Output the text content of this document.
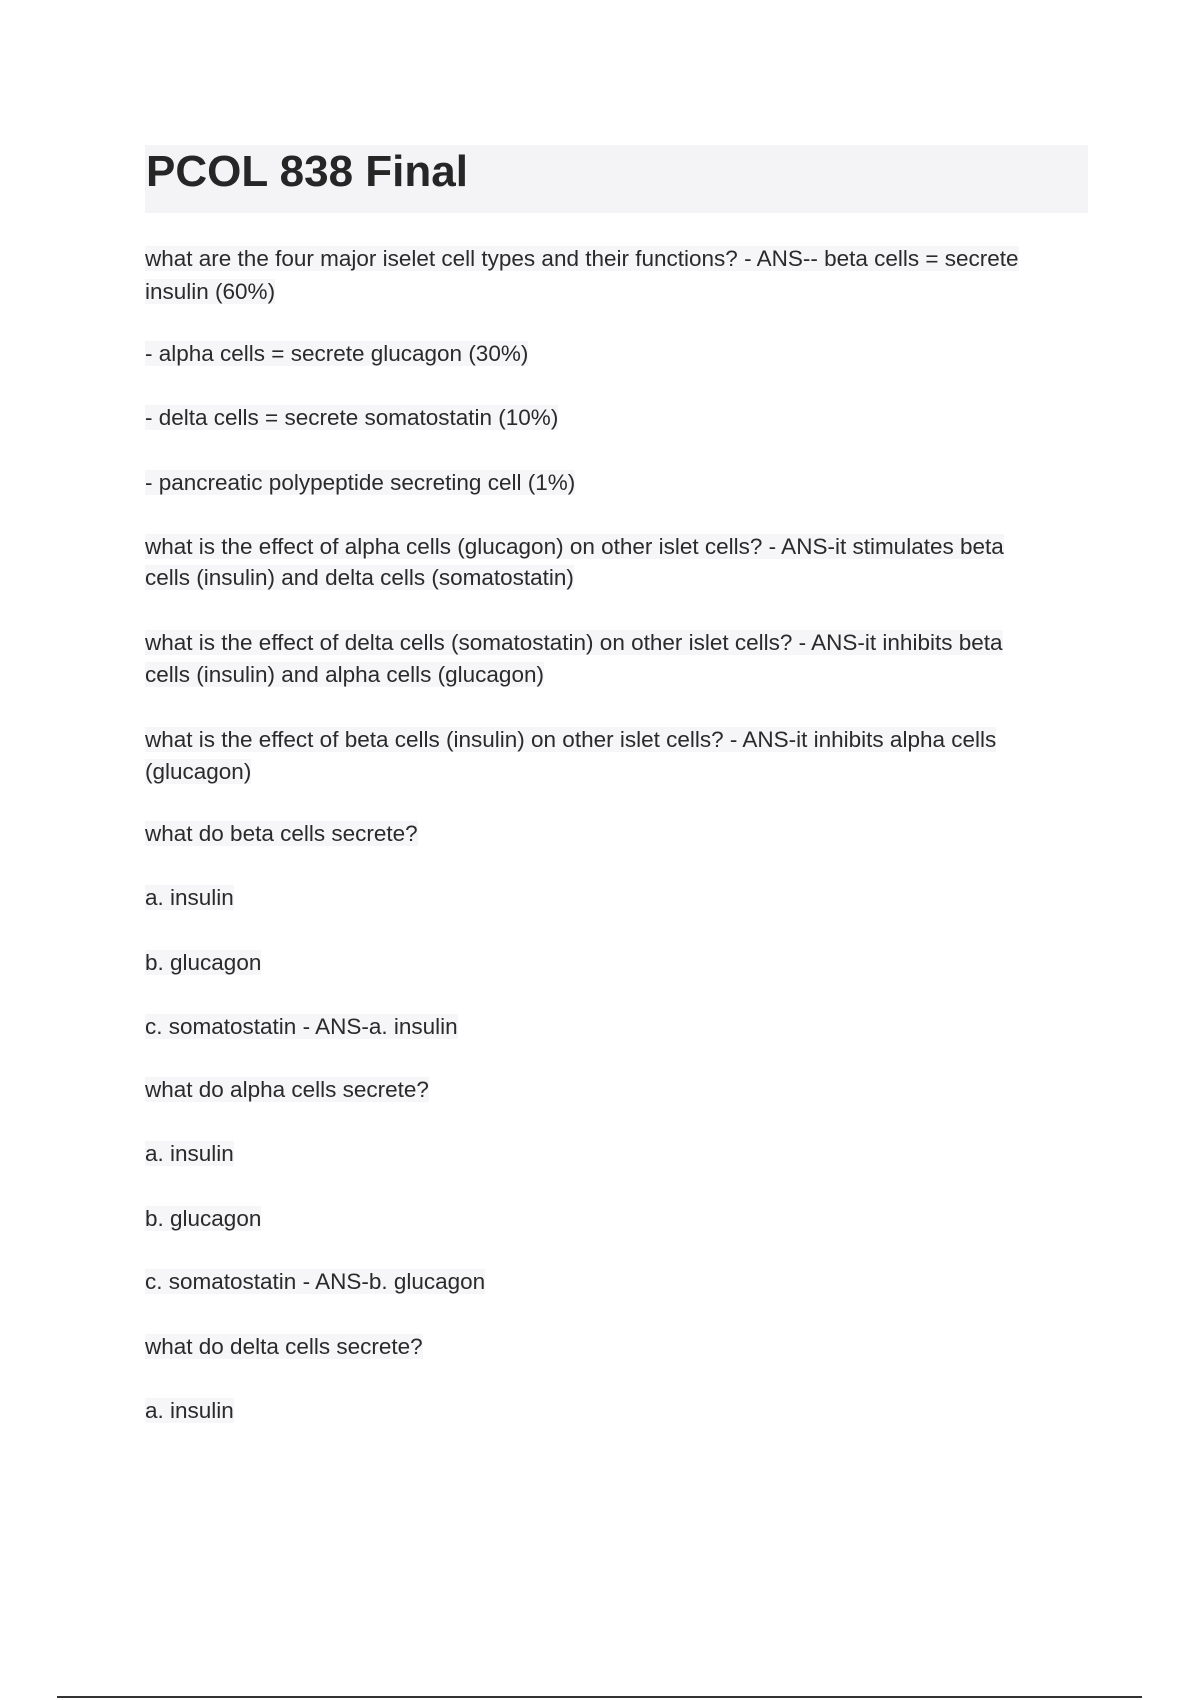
PCOL 838 Final

what are the four major iselet cell types and their functions? - ANS-- beta cells = secrete

insulin (60%)

- alpha cells = secrete glucagon (30%)

- delta cells = secrete somatostatin (10%)

- pancreatic polypeptide secreting cell (1%)

what is the effect of alpha cells (glucagon) on other islet cells? - ANS-it stimulates beta

cells (insulin) and delta cells (somatostatin)

what is the effect of delta cells (somatostatin) on other islet cells? - ANS-it inhibits beta

cells (insulin) and alpha cells (glucagon)

what is the effect of beta cells (insulin) on other islet cells? - ANS-it inhibits alpha cells

(glucagon)

what do beta cells secrete?

a. insulin

b. glucagon

c. somatostatin - ANS-a. insulin

what do alpha cells secrete?

a. insulin

b. glucagon

c. somatostatin - ANS-b. glucagon

what do delta cells secrete?

a. insulin
